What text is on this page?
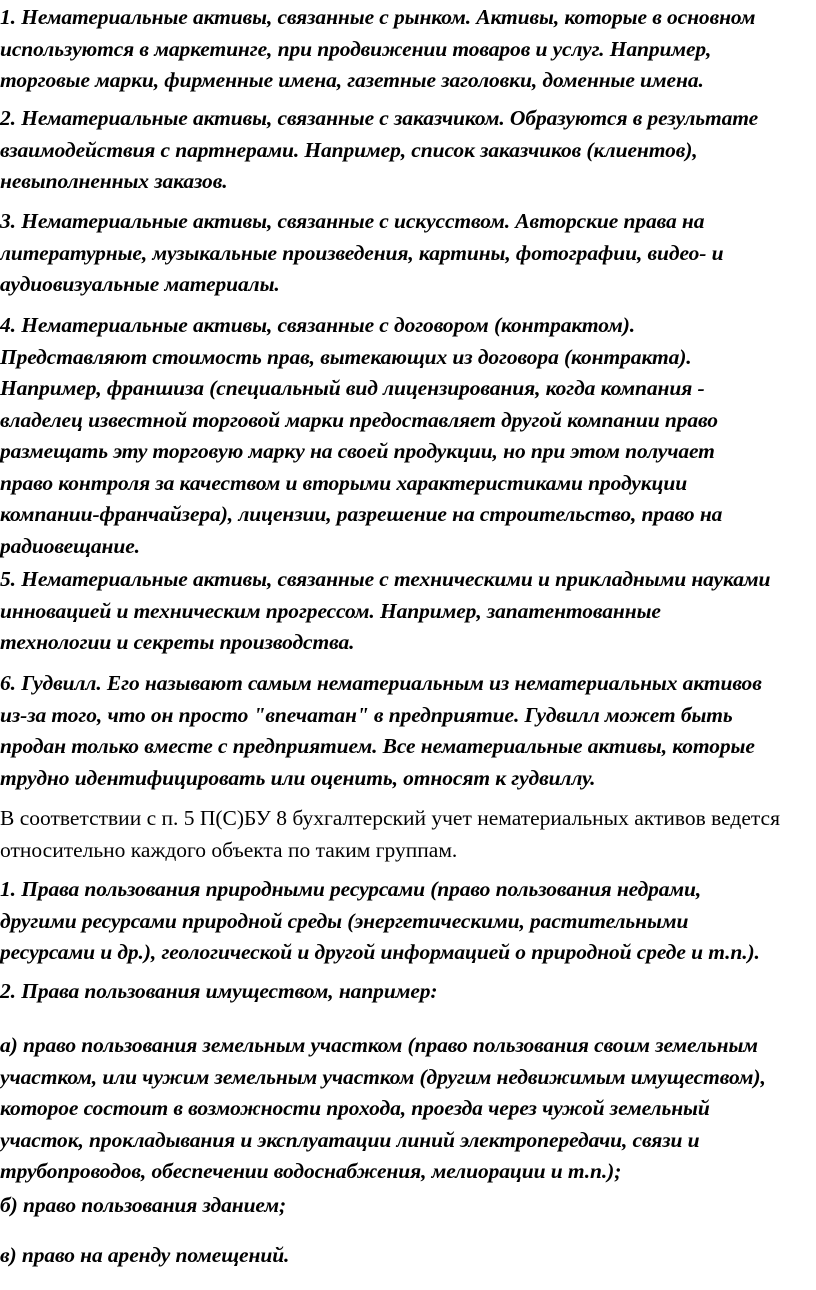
1. Нематериальные активы, связанные с рынком. Активы, которые в основном
используются в маркетинге, при продвижении товаров и услуг. Например,
торговые марки, фирменные имена, газетные заголовки, доменные имена.
2. Нематериальные активы, связанные с заказчиком. Образуются в результате
взаимодействия с партнерами. Например, список заказчиков (клиентов),
невыполненных заказов.
3. Нематериальные активы, связанные с искусством. Авторские права на
литературные, музыкальные произведения, картины, фотографии, видео- и
аудиовизуальные материалы.
4. Нематериальные активы, связанные с договором (контрактом).
Представляют стоимость прав, вытекающих из договора (контракта).
Например, франшиза (специальный вид лицензирования, когда компания -
владелец известной торговой марки предоставляет другой компании право
размещать эту торговую марку на своей продукции, но при этом получает
право контроля за качеством и вторыми характеристиками продукции
компании-франчайзера), лицензии, разрешение на строительство, право на
радиовещание.
5. Нематериальные активы, связанные с техническими и прикладными науками
инновацией и техническим прогрессом. Например, запатентованные
технологии и секреты производства.
6. Гудвилл. Его называют самым нематериальным из нематериальных активов
из-за того, что он просто "впечатан" в предприятие. Гудвилл может быть
продан только вместе с предприятием. Все нематериальные активы, которые
трудно идентифицировать или оценить, относят к гудвиллу.
В соответствии с п. 5 П(С)БУ 8 бухгалтерский учет нематериальных активов ведется
относительно каждого объекта по таким группам.
1. Права пользования природными ресурсами (право пользования недрами,
другими ресурсами природной среды (энергетическими, растительными
ресурсами и др.), геологической и другой информацией о природной среде и т.п.).
2. Права пользования имуществом, например:
а) право пользования земельным участком (право пользования своим земельным
участком, или чужим земельным участком (другим недвижимым имуществом),
которое состоит в возможности прохода, проезда через чужой земельный
участок, прокладывания и эксплуатации линий электропередачи, связи и
трубопроводов, обеспечении водоснабжения, мелиорации и т.п.);
б) право пользования зданием;
в) право на аренду помещений.
